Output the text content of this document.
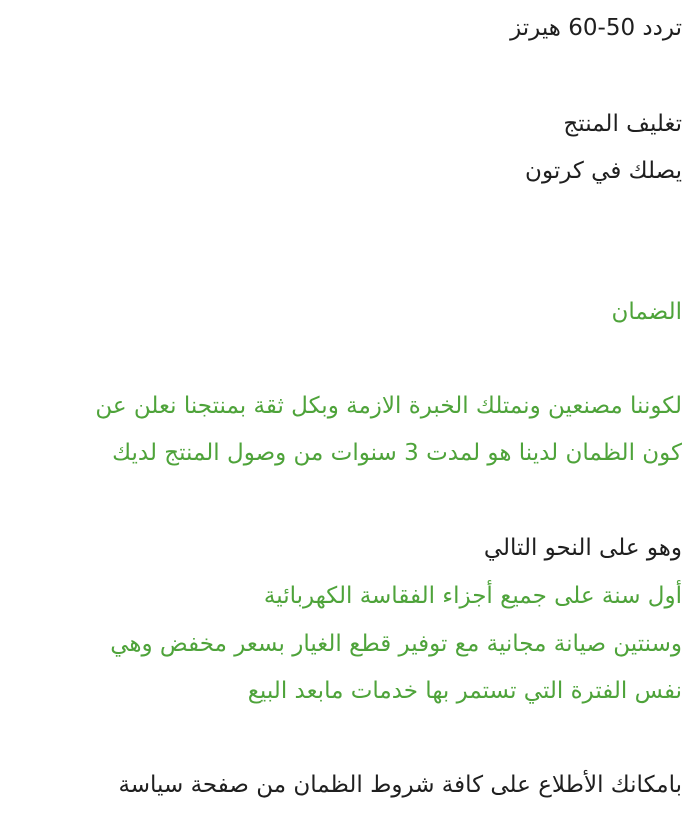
تردد 50-60 هيرتز
تغليف المنتج
يصلك في كرتون
الضمان
لكوننا مصنعين ونمتلك الخبرة الازمة وبكل ثقة بمنتجنا نعلن عن
كون الظمان لدينا هو لمدت 3 سنوات من وصول المنتج لديك
وهو على النحو التالي
أول سنة على جميع أجزاء الفقاسة الكهربائية
وسنتين صيانة مجانية مع توفير قطع الغيار بسعر مخفض وهي
نفس الفترة التي تستمر بها خدمات مابعد البيع
بامكانك الأطلاع على كافة شروط الظمان من صفحة سياسة
